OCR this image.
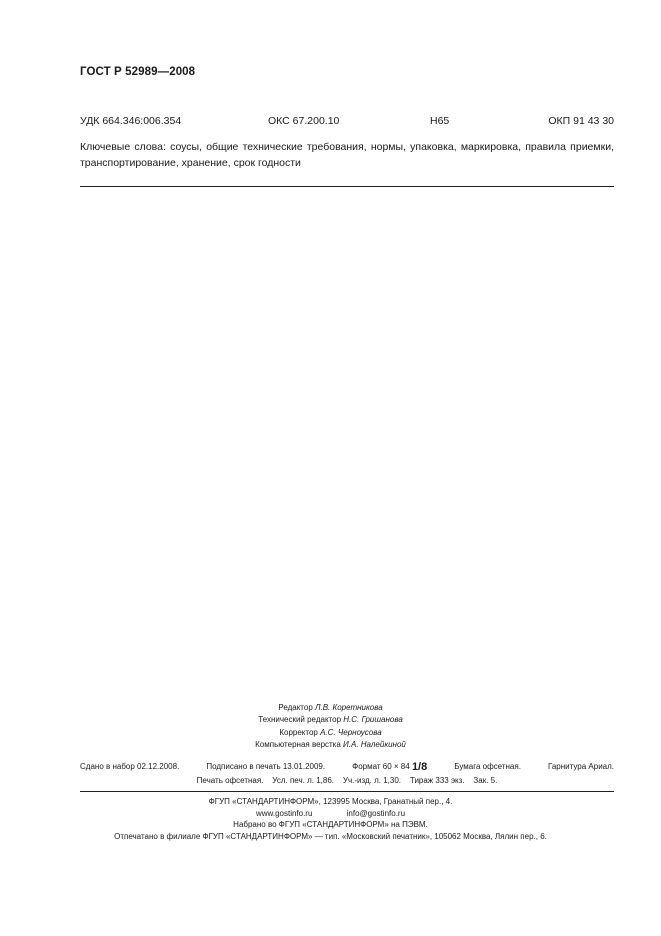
ГОСТ Р 52989—2008
УДК 664.346:006.354	ОКС 67.200.10	Н65	ОКП 91 43 30
Ключевые слова: соусы, общие технические требования, нормы, упаковка, маркировка, правила приемки, транспортирование, хранение, срок годности
Редактор Л.В. Коретникова
Технический редактор Н.С. Гришанова
Корректор А.С. Черноусова
Компьютерная верстка И.А. Налейкиной
Сдано в набор 02.12.2008.	Подписано в печать 13.01.2009.	Формат 60 × 84 1/8	Бумага офсетная.	Гарнитура Ариал.
Печать офсетная. Усл. печ. л. 1,86. Уч.-изд. л. 1,30. Тираж 333 экз. Зак. 5.
ФГУП «СТАНДАРТИНФОРМ», 123995 Москва, Гранатный пер., 4.
www.gostinfo.ru	info@gostinfo.ru
Набрано во ФГУП «СТАНДАРТИНФОРМ» на ПЭВМ.
Отпечатано в филиале ФГУП «СТАНДАРТИНФОРМ» — тип. «Московский печатник», 105062 Москва, Лялин пер., 6.
